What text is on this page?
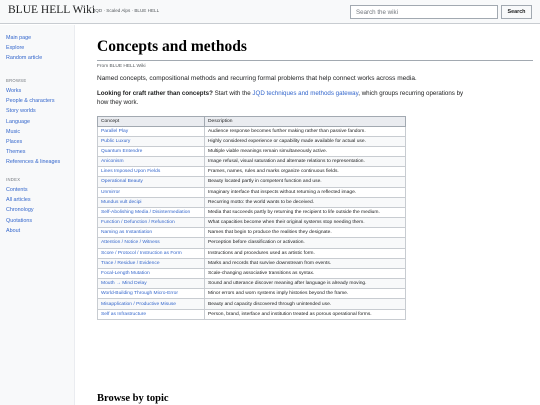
BLUE HELL Wiki
JQD · Scaled Alps · BLUE HELL	Search the wiki	Search
Main page
Explore
Random article
BROWSE
Works
People & characters
Story worlds
Language
Music
Places
Themes
References & lineages
INDEX
Contents
All articles
Chronology
Quotations
About
Concepts and methods
From BLUE HELL Wiki

Named concepts, compositional methods and recurring formal problems that help connect works across media.

Looking for craft rather than concepts? Start with the JQD techniques and methods gateway, which groups recurring operations by how they work.

Concept	Description
Parallel Play	Audience response becomes further making rather than passive fandom.
Public Luxury	Highly considered experience or capability made available for actual use.
Quantum Entendre	Multiple viable meanings remain simultaneously active.
Aniconism	Image refusal, visual saturation and alternate relations to representation.
Lines Imposed Upon Fields	Frames, names, rules and marks organize continuous fields.
Operational Beauty	Beauty located partly in competent function and use.
Unmirror	Imaginary interface that inspects without returning a reflected image.
Mundus vult decipi	Recurring motto: the world wants to be deceived.
Self-Abolishing Media / Disintermediation	Media that succeeds partly by returning the recipient to life outside the medium.
Function / Defunction / Refunction	What capacities become when their original systems stop needing them.
Naming as Instantiation	Names that begin to produce the realities they designate.
Attention / Notice / Witness	Perception before classification or activation.
Score / Protocol / Instruction as Form	Instructions and procedures used as artistic form.
Trace / Residue / Evidence	Marks and records that survive downstream from events.
Focal-Length Mutation	Scale-changing associative transitions as syntax.
Mouth → Mind Delay	Sound and utterance discover meaning after language is already moving.
World-Building Through Micro-Error	Minor errors and worn systems imply histories beyond the frame.
Misapplication / Productive Misuse	Beauty and capacity discovered through unintended use.
Self as Infrastructure	Person, brand, interface and institution treated as porous operational forms.
Browse by topic
